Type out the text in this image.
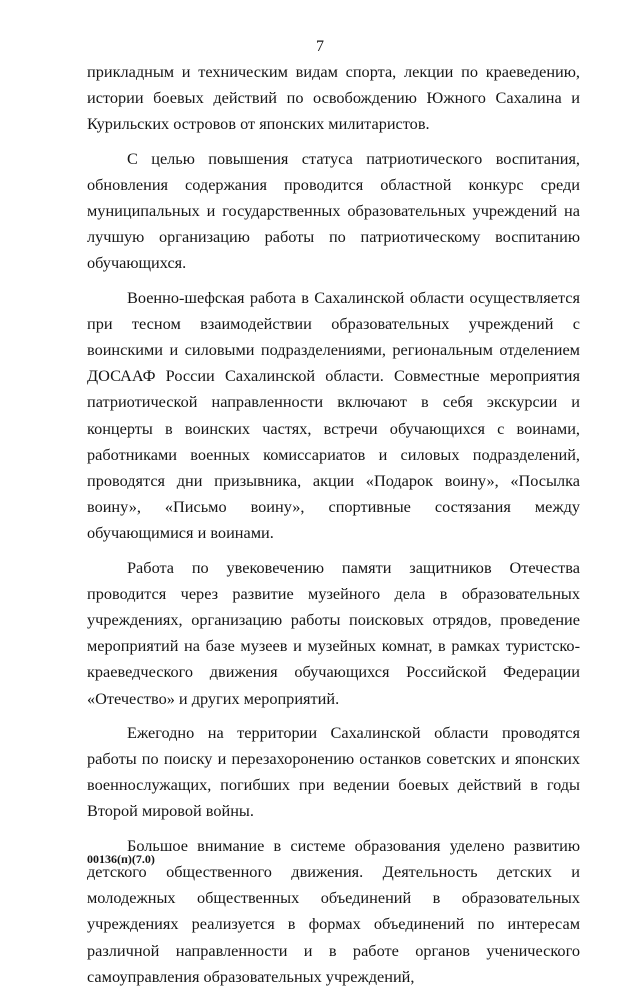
7

прикладным и техническим видам спорта, лекции по краеведению, истории боевых действий по освобождению Южного Сахалина и Курильских островов от японских милитаристов.

С целью повышения статуса патриотического воспитания, обновления содержания проводится областной конкурс среди муниципальных и государственных образовательных учреждений на лучшую организацию работы по патриотическому воспитанию обучающихся.

Военно-шефская работа в Сахалинской области осуществляется при тесном взаимодействии образовательных учреждений с воинскими и силовыми подразделениями, региональным отделением ДОСААФ России Сахалинской области. Совместные мероприятия патриотической направленности включают в себя экскурсии и концерты в воинских частях, встречи обучающихся с воинами, работниками военных комиссариатов и силовых подразделений, проводятся дни призывника, акции «Подарок воину», «Посылка воину», «Письмо воину», спортивные состязания между обучающимися и воинами.

Работа по увековечению памяти защитников Отечества проводится через развитие музейного дела в образовательных учреждениях, организацию работы поисковых отрядов, проведение мероприятий на базе музеев и музейных комнат, в рамках туристско-краеведческого движения обучающихся Российской Федерации «Отечество» и других мероприятий.

Ежегодно на территории Сахалинской области проводятся работы по поиску и перезахоронению останков советских и японских военнослужащих, погибших при ведении боевых действий в годы Второй мировой войны.

Большое внимание в системе образования уделено развитию детского общественного движения. Деятельность детских и молодежных общественных объединений в образовательных учреждениях реализуется в формах объединений по интересам различной направленности и в работе органов ученического самоуправления образовательных учреждений,

00136(п)(7.0)
